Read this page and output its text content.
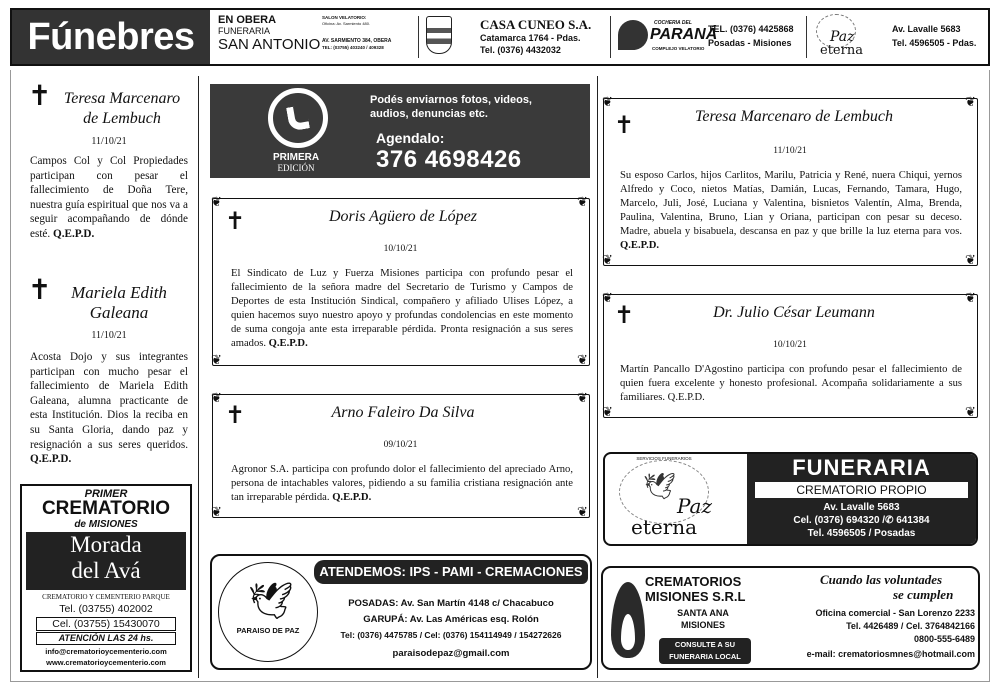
Fúnebres	EN OBERA
FUNERARIA
SAN ANTONIO
SALON VELATORIO:
Oficina: Av. Sarmiento 480.
AV. SARMIENTO 384, OBERA
TEL: (03755) 403240 / 409328
CASA CUNEO S.A.
Catamarca 1764 - Pdas.
Tel. (0376) 4432032
COCHERIA DEL
PARANÁ
COMPLEJO VELATORIO
TEL. (0376) 4425868
Posadas - Misiones	Paz
eterna
Av. Lavalle 5683
Tel. 4596505 - Pdas.
✝ Teresa Marcenaro
de Lembuch
11/10/21
Campos Col y Col Propiedades participan con pesar el fallecimiento de Doña Tere, nuestra guía espiritual que nos va a seguir acompañando de dónde esté. Q.E.P.D.
✝	Mariela Edith
Galeana
11/10/21
Acosta Dojo y sus integrantes participan con mucho pesar el fallecimiento de Mariela Edith Galeana, alumna practicante de esta Institución. Dios la reciba en su Santa Gloria, dando paz y resignación a sus seres queridos. Q.E.P.D.
PRIMER
CREMATORIO
de MISIONES
Morada
del Avá
CREMATORIO Y CEMENTERIO PARQUE
Tel. (03755) 402002
Cel. (03755) 15430070
ATENCIÓN LAS 24 hs.
info@crematorioycementerio.com
www.crematorioycementerio.com
PRIMERA
EDICIÓN
Podés enviarnos fotos, videos,
audios, denuncias etc.
Agendalo:
376 4698426
❦	❦
❦	❦
✝	Doris Agüero de López
10/10/21
El Sindicato de Luz y Fuerza Misiones participa con profundo pesar el fallecimiento de la señora madre del Secretario de Turismo y Campos de Deportes de esta Institución Sindical, compañero y afiliado Ulises López, a quien hacemos suyo nuestro apoyo y profundas condolencias en este momento de suma congoja ante esta irreparable pérdida. Pronta resignación a sus seres amados. Q.E.P.D.
❦	❦
❦	❦
✝	Arno Faleiro Da Silva
09/10/21
Agronor S.A. participa con profundo dolor el fallecimiento del apreciado Arno, persona de intachables valores, pidiendo a su familia cristiana resignación ante tan irreparable pérdida. Q.E.P.D.
🕊
PARAISO DE PAZ
ATENDEMOS: IPS - PAMI - CREMACIONES
POSADAS: Av. San Martín 4148 c/ Chacabuco
GARUPÁ: Av. Las Américas esq. Rolón
Tel: (0376) 4475785 / Cel: (0376) 154114949 / 154272626
paraisodepaz@gmail.com
❦	❦
❦	❦
✝	Teresa Marcenaro de Lembuch
11/10/21
Su esposo Carlos, hijos Carlitos, Marilu, Patricia y René, nuera Chiqui, yernos Alfredo y Coco, nietos Matías, Damián, Lucas, Fernando, Tamara, Hugo, Marcelo, Juli, José, Luciana y Valentina, bisnietos Valentín, Alma, Brenda, Paulina, Valentina, Bruno, Lian y Oriana, participan con pesar su deceso. Madre, abuela y bisabuela, descansa en paz y que brille la luz eterna para vos. Q.E.P.D.
❦	❦
❦	❦
✝	Dr. Julio César Leumann
10/10/21
Martín Pancallo D'Agostino participa con profundo pesar el fallecimiento de quien fuera excelente y honesto profesional. Acompaña solidariamente a sus familiares. Q.E.P.D.
SERVICIOS FUNERARIOS
🕊
Paz
eterna
FUNERARIA
CREMATORIO PROPIO
Av. Lavalle 5683
Cel. (0376) 694320 /✆ 641384
Tel. 4596505 / Posadas
CREMATORIOS
MISIONES S.R.L
SANTA ANA
MISIONES
CONSULTE A SU
FUNERARIA LOCAL
Cuando las voluntades
se cumplen
Oficina comercial - San Lorenzo 2233
Tel. 4426489 / Cel. 3764842166
0800-555-6489
e-mail: crematoriosmnes@hotmail.com
